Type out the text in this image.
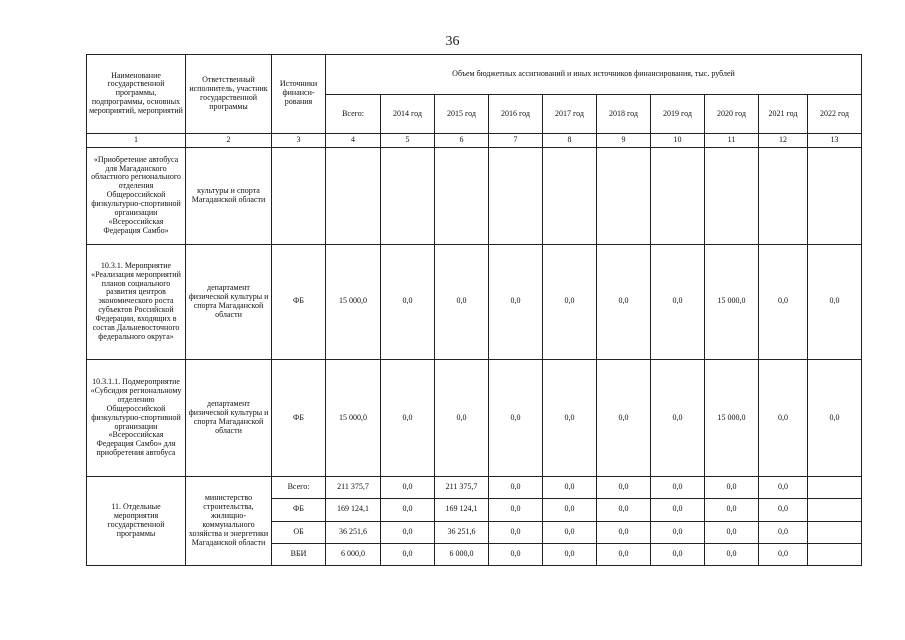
36
Наименование государственной программы, подпрограммы, основных мероприятий, мероприятий	Ответственный исполнитель, участник государственной программы	Источники финанси-рования	Объем бюджетных ассигнований и иных источников финансирования, тыс. рублей									
			Всего:	2014 год	2015 год	2016 год	2017 год	2018 год	2019 год	2020 год	2021 год	2022 год
1	2	3	4	5	6	7	8	9	10	11	12	13
«Приобретение автобуса для Магаданского областного регионального отделения Общероссийской физкультурно-спортивной организации «Всероссийская Федерация Самбо»	культуры и спорта Магаданской области											
10.3.1. Мероприятие «Реализация мероприятий планов социального развития центров экономического роста субъектов Российской Федерации, входящих в состав Дальневосточного федерального округа»	департамент физической культуры и спорта Магаданской области	ФБ	15 000,0	0,0	0,0	0,0	0,0	0,0	0,0	15 000,0	0,0	0,0
10.3.1.1. Подмероприятие «Субсидия региональному отделению Общероссийской физкультурно-спортивной организации «Всероссийская Федерация Самбо» для приобретения автобуса	департамент физической культуры и спорта Магаданской области	ФБ	15 000,0	0,0	0,0	0,0	0,0	0,0	0,0	15 000,0	0,0	0,0
11. Отдельные мероприятия государственной программы	министерство строительства, жилищно-коммунального хозяйства и энергетики Магаданской области	Всего:	211 375,7	0,0	211 375,7	0,0	0,0	0,0	0,0	0,0	0,0	
		ФБ	169 124,1	0,0	169 124,1	0,0	0,0	0,0	0,0	0,0	0,0	
		ОБ	36 251,6	0,0	36 251,6	0,0	0,0	0,0	0,0	0,0	0,0	
		ВБИ	6 000,0	0,0	6 000,0	0,0	0,0	0,0	0,0	0,0	0,0	
